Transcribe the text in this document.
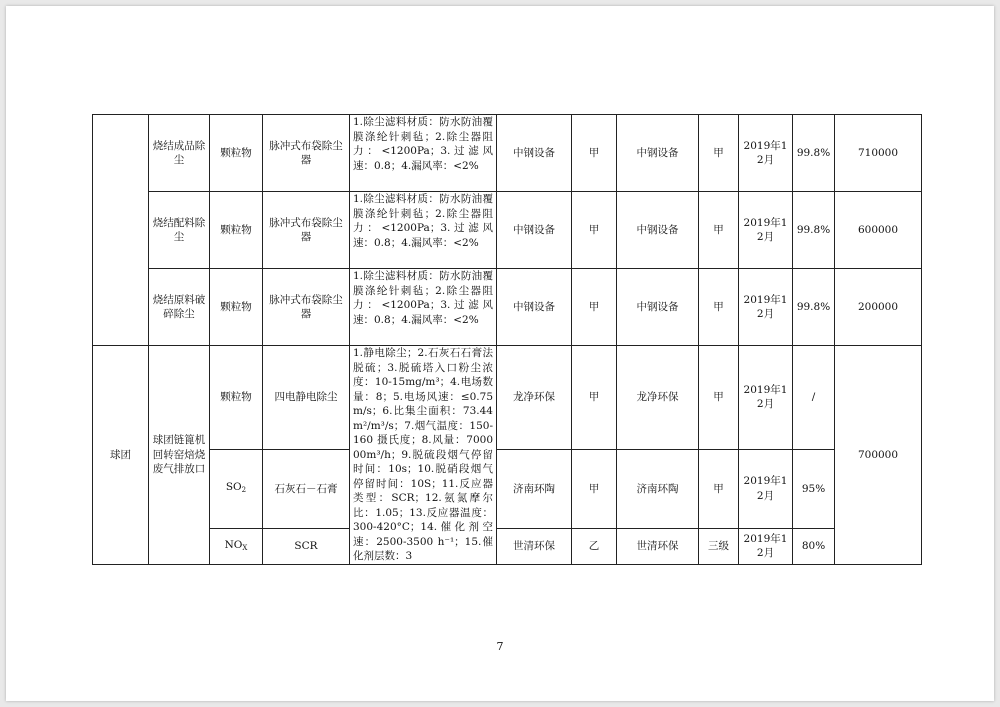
	烧结成品除尘	颗粒物	脉冲式布袋除尘器	1.除尘滤料材质：防水防油覆膜涤纶针刺毡；2.除尘器阻力：<1200Pa；3.过滤风速：0.8；4.漏风率：<2%	中钢设备	甲	中钢设备	甲	2019年12月	99.8%	710000
	烧结配料除尘	颗粒物	脉冲式布袋除尘器	1.除尘滤料材质：防水防油覆膜涤纶针刺毡；2.除尘器阻力：<1200Pa；3.过滤风速：0.8；4.漏风率：<2%	中钢设备	甲	中钢设备	甲	2019年12月	99.8%	600000
	烧结原料破碎除尘	颗粒物	脉冲式布袋除尘器	1.除尘滤料材质：防水防油覆膜涤纶针刺毡；2.除尘器阻力：<1200Pa；3.过滤风速：0.8；4.漏风率：<2%	中钢设备	甲	中钢设备	甲	2019年12月	99.8%	200000
球团	球团链篦机回转窑焙烧废气排放口	颗粒物	四电静电除尘	1.静电除尘；2.石灰石石膏法脱硫；3.脱硫塔入口粉尘浓度：10-15mg/m³；4.电场数量：8；5.电场风速：≤0.75m/s；6.比集尘面积：73.44m²/m³/s；7.烟气温度：150-160 摄氏度；8.风量：700000m³/h；9.脱硫段烟气停留时间：10s；10.脱硝段烟气停留时间：10S；11.反应器类型：SCR；12.氨氮摩尔比：1.05；13.反应器温度：300-420°C；14.催化剂空速：2500-3500 h⁻¹；15.催化剂层数：3	龙净环保	甲	龙净环保	甲	2019年12月	/	700000
		$SO_2$	石灰石－石膏		济南环陶	甲	济南环陶	甲	2019年12月	95%	
		$NO_X$	SCR		世清环保	乙	世清环保	三级	2019年12月	80%	
7
